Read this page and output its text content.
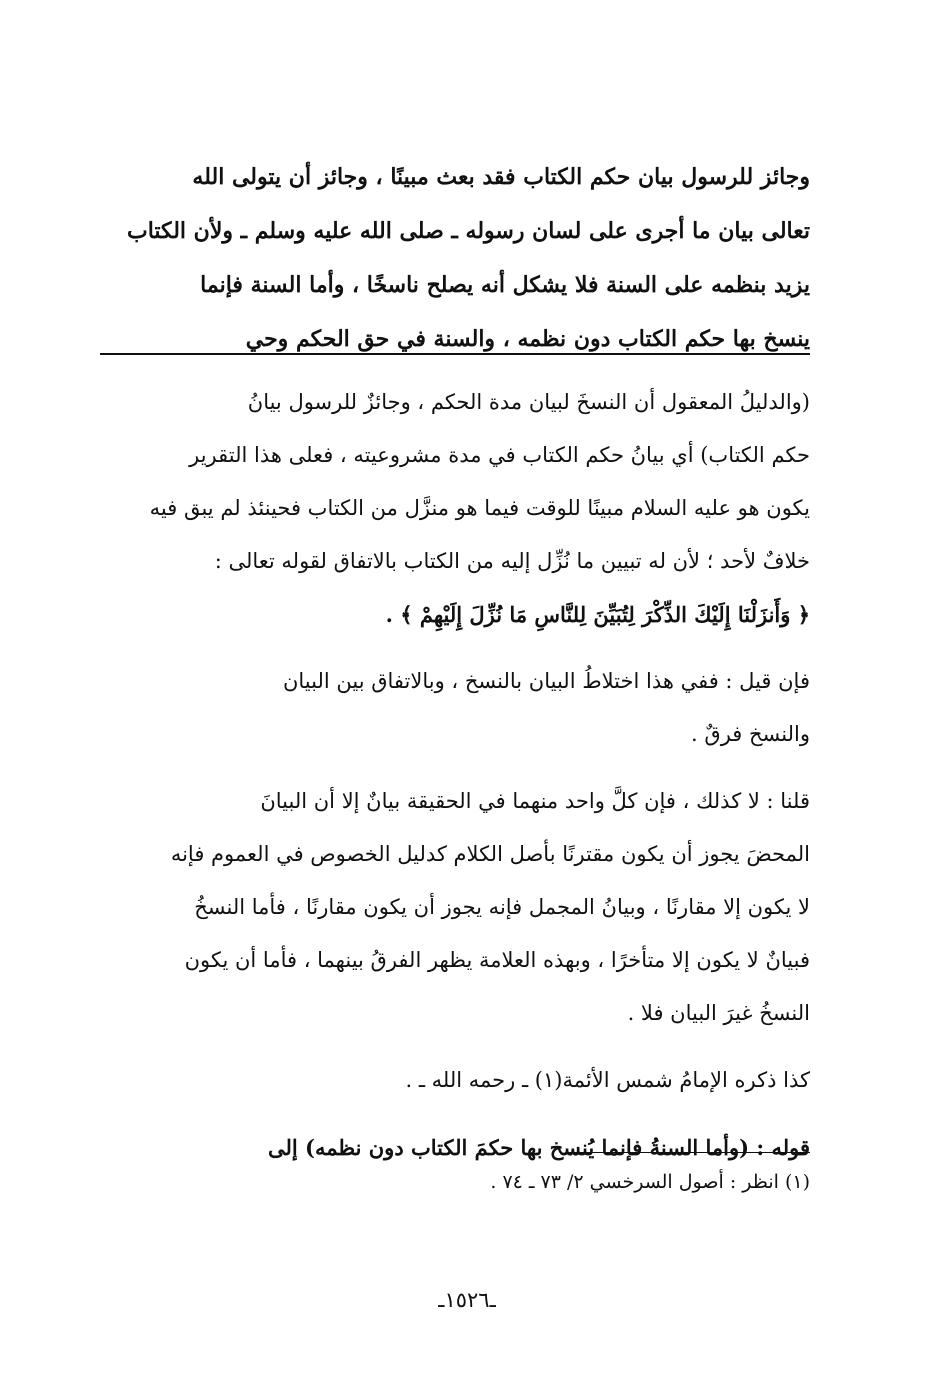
وجائز للرسول بيان حكم الكتاب فقد بعث مبينًا ، وجائز أن يتولى الله
تعالى بيان ما أجرى على لسان رسوله ـ صلى الله عليه وسلم ـ ولأن الكتاب
يزيد بنظمه على السنة فلا يشكل أنه يصلح ناسخًا ، وأما السنة فإنما
ينسخ بها حكم الكتاب دون نظمه ، والسنة في حق الحكم وحي
(والدليلُ المعقول أن النسخَ لبيان مدة الحكم ، وجائزٌ للرسول بيانُ
حكم الكتاب) أي بيانُ حكم الكتاب في مدة مشروعيته ، فعلى هذا التقرير
يكون هو عليه السلام مبينًا للوقت فيما هو منزَّل من الكتاب فحينئذ لم يبق فيه
خلافٌ لأحد ؛ لأن له تبيين ما نُزِّل إليه من الكتاب بالاتفاق لقوله تعالى :
﴿ وَأَنزَلْنَا إِلَيْكَ الذِّكْرَ لِتُبَيِّنَ لِلنَّاسِ مَا نُزِّلَ إِلَيْهِمْ ﴾ .
فإن قيل : ففي هذا اختلاطُ البيان بالنسخ ، وبالاتفاق بين البيان
والنسخ فرقٌ .
قلنا : لا كذلك ، فإن كلَّ واحد منهما في الحقيقة بيانٌ إلا أن البيانَ
المحضَ يجوز أن يكون مقترنًا بأصل الكلام كدليل الخصوص في العموم فإنه
لا يكون إلا مقارنًا ، وبيانُ المجمل فإنه يجوز أن يكون مقارنًا ، فأما النسخُ
فبيانٌ لا يكون إلا متأخرًا ، وبهذه العلامة يظهر الفرقُ بينهما ، فأما أن يكون
النسخُ غيرَ البيان فلا .
كذا ذكره الإمامُ شمس الأئمة(١) ـ رحمه الله ـ .
قوله : (وأما السنةُ فإنما يُنسخ بها حكمَ الكتاب دون نظمه) إلى
(١) انظر : أصول السرخسي ٢/ ٧٣ ـ ٧٤ .
ـ١٥٢٦ـ
